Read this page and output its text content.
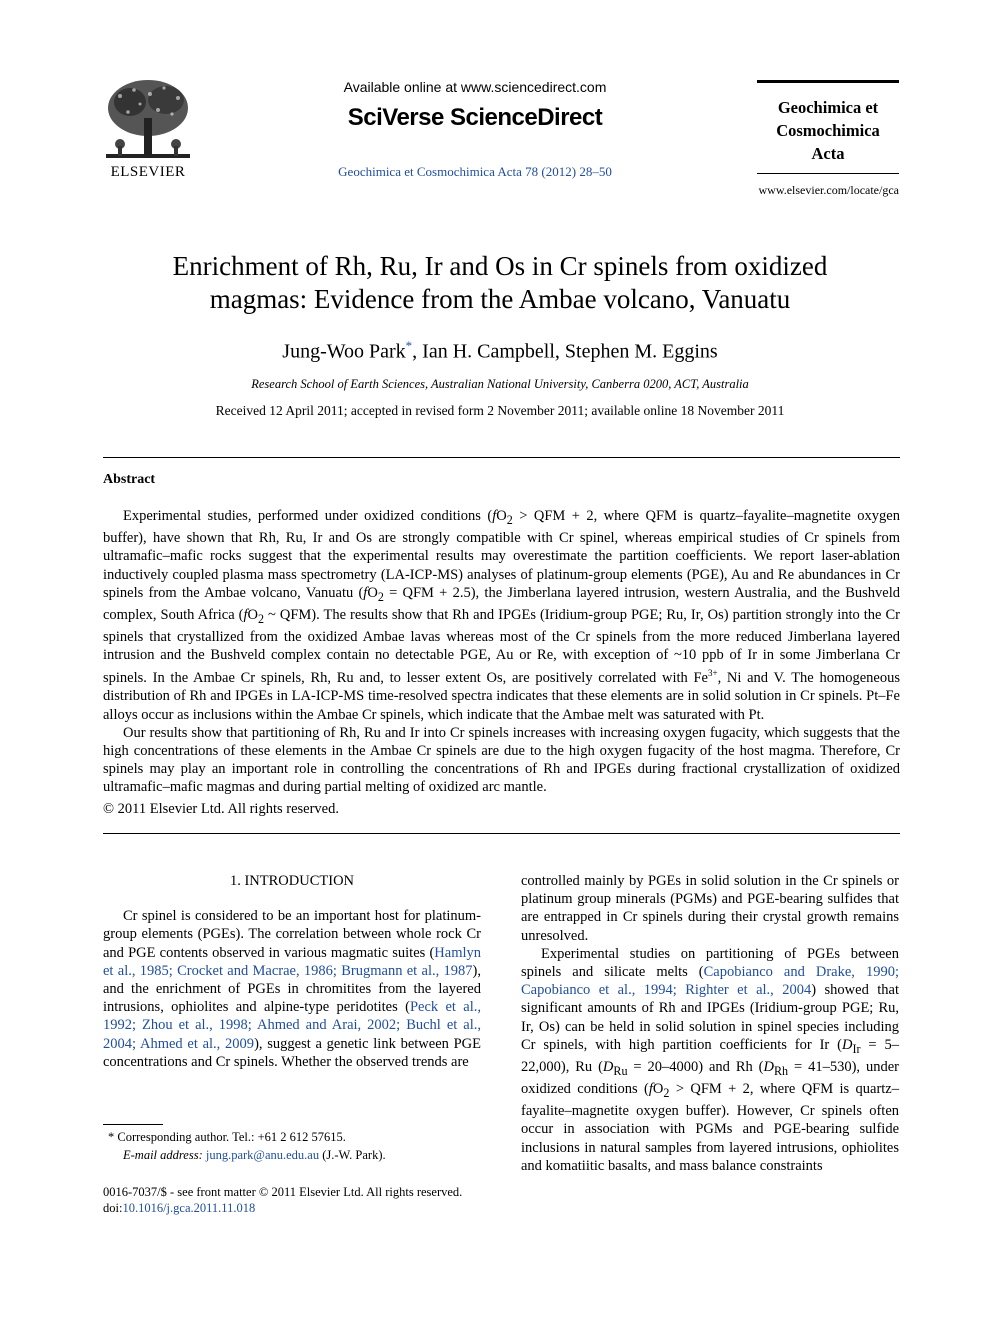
ELSEVIER
Available online at www.sciencedirect.com
SciVerse ScienceDirect
Geochimica et Cosmochimica Acta 78 (2012) 28–50
Geochimica et
Cosmochimica
Acta
www.elsevier.com/locate/gca
Enrichment of Rh, Ru, Ir and Os in Cr spinels from oxidized
magmas: Evidence from the Ambae volcano, Vanuatu
Jung-Woo Park*, Ian H. Campbell, Stephen M. Eggins
Research School of Earth Sciences, Australian National University, Canberra 0200, ACT, Australia
Received 12 April 2011; accepted in revised form 2 November 2011; available online 18 November 2011
Abstract

Experimental studies, performed under oxidized conditions ($fO_2$ > QFM + 2, where QFM is quartz–fayalite–magnetite oxygen buffer), have shown that Rh, Ru, Ir and Os are strongly compatible with Cr spinel, whereas empirical studies of Cr spinels from ultramafic–mafic rocks suggest that the experimental results may overestimate the partition coefficients. We report laser-ablation inductively coupled plasma mass spectrometry (LA-ICP-MS) analyses of platinum-group elements (PGE), Au and Re abundances in Cr spinels from the Ambae volcano, Vanuatu ($fO_2$ = QFM + 2.5), the Jimberlana layered intrusion, western Australia, and the Bushveld complex, South Africa ($fO_2$ ~ QFM). The results show that Rh and IPGEs (Iridium-group PGE; Ru, Ir, Os) partition strongly into the Cr spinels that crystallized from the oxidized Ambae lavas whereas most of the Cr spinels from the more reduced Jimberlana layered intrusion and the Bushveld complex contain no detectable PGE, Au or Re, with exception of ~10 ppb of Ir in some Jimberlana Cr spinels. In the Ambae Cr spinels, Rh, Ru and, to lesser extent Os, are positively correlated with $Fe^{3+}$, Ni and V. The homogeneous distribution of Rh and IPGEs in LA-ICP-MS time-resolved spectra indicates that these elements are in solid solution in Cr spinels. Pt–Fe alloys occur as inclusions within the Ambae Cr spinels, which indicate that the Ambae melt was saturated with Pt.

Our results show that partitioning of Rh, Ru and Ir into Cr spinels increases with increasing oxygen fugacity, which suggests that the high concentrations of these elements in the Ambae Cr spinels are due to the high oxygen fugacity of the host magma. Therefore, Cr spinels may play an important role in controlling the concentrations of Rh and IPGEs during fractional crystallization of oxidized ultramafic–mafic magmas and during partial melting of oxidized arc mantle.

© 2011 Elsevier Ltd. All rights reserved.
1. INTRODUCTION

Cr spinel is considered to be an important host for platinum-group elements (PGEs). The correlation between whole rock Cr and PGE contents observed in various magmatic suites (Hamlyn et al., 1985; Crocket and Macrae, 1986; Brugmann et al., 1987), and the enrichment of PGEs in chromitites from the layered intrusions, ophiolites and alpine-type peridotites (Peck et al., 1992; Zhou et al., 1998; Ahmed and Arai, 2002; Buchl et al., 2004; Ahmed et al., 2009), suggest a genetic link between PGE concentrations and Cr spinels. Whether the observed trends are

controlled mainly by PGEs in solid solution in the Cr spinels or platinum group minerals (PGMs) and PGE-bearing sulfides that are entrapped in Cr spinels during their crystal growth remains unresolved.

Experimental studies on partitioning of PGEs between spinels and silicate melts (Capobianco and Drake, 1990; Capobianco et al., 1994; Righter et al., 2004) showed that significant amounts of Rh and IPGEs (Iridium-group PGE; Ru, Ir, Os) can be held in solid solution in spinel species including Cr spinels, with high partition coefficients for Ir $(D_{Ir} = 5-22,000)$, Ru $(D_{Ru} = 20-4000)$ and Rh $(D_{Rh} = 41-530)$, under oxidized conditions ($fO_2$ > QFM + 2, where QFM is quartz–fayalite–magnetite oxygen buffer). However, Cr spinels often occur in association with PGMs and PGE-bearing sulfide inclusions in natural samples from layered intrusions, ophiolites and komatiitic basalts, and mass balance constraints

* Corresponding author. Tel.: +61 2 612 57615.
E-mail address: jung.park@anu.edu.au (J.-W. Park).
0016-7037/$ - see front matter © 2011 Elsevier Ltd. All rights reserved.
doi:10.1016/j.gca.2011.11.018
